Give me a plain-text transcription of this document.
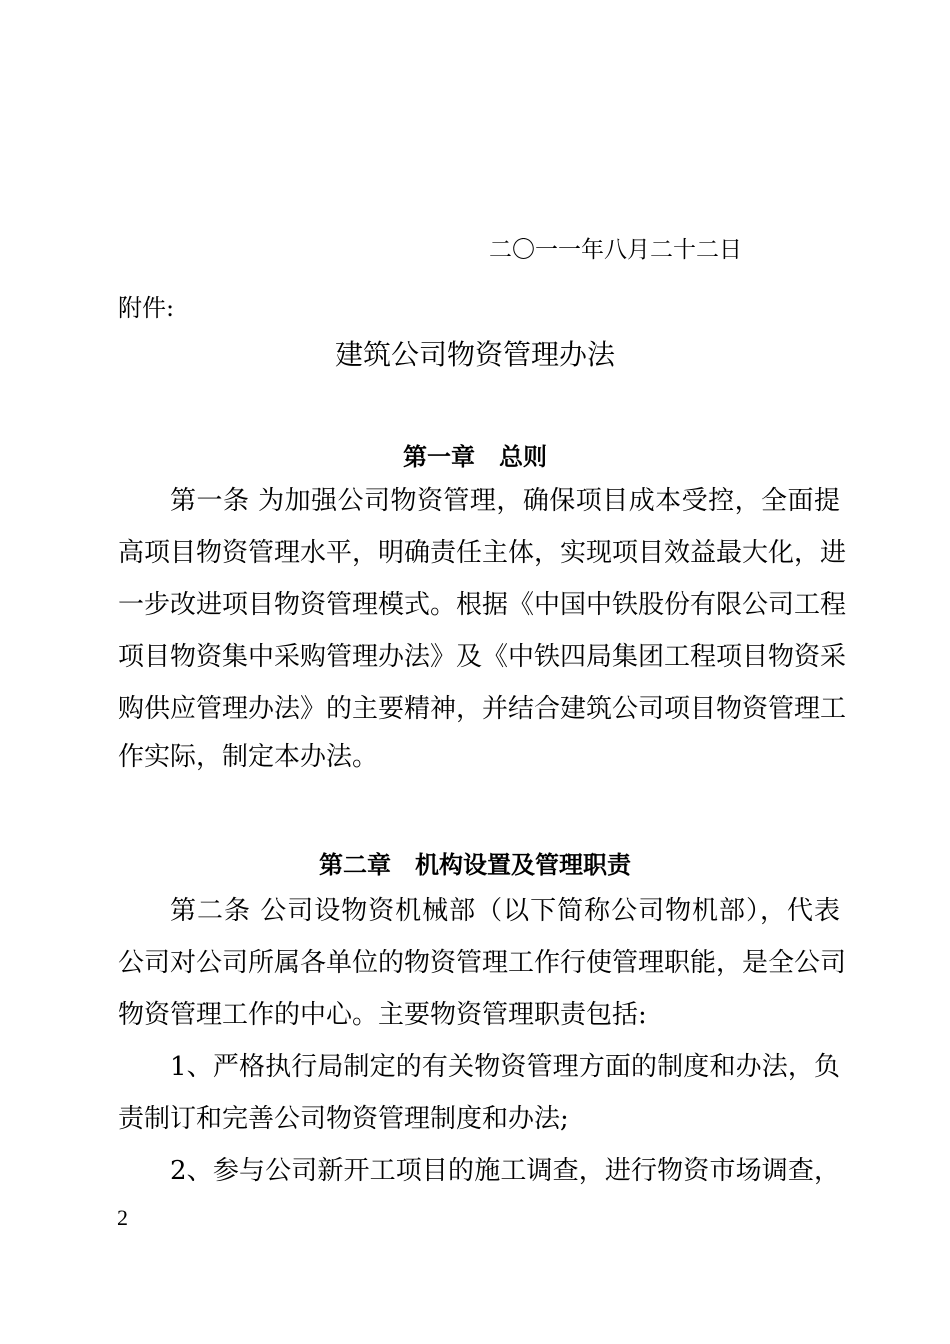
二〇一一年八月二十二日
附件:
建筑公司物资管理办法
第一章　总则
第一条 为加强公司物资管理，确保项目成本受控，全面提
高项目物资管理水平，明确责任主体，实现项目效益最大化，进
一步改进项目物资管理模式。根据《中国中铁股份有限公司工程
项目物资集中采购管理办法》及《中铁四局集团工程项目物资采
购供应管理办法》的主要精神，并结合建筑公司项目物资管理工
作实际，制定本办法。
第二章　机构设置及管理职责
第二条 公司设物资机械部（以下简称公司物机部），代表
公司对公司所属各单位的物资管理工作行使管理职能，是全公司
物资管理工作的中心。主要物资管理职责包括:
1、严格执行局制定的有关物资管理方面的制度和办法，负
责制订和完善公司物资管理制度和办法;
2、参与公司新开工项目的施工调查，进行物资市场调查，
2
